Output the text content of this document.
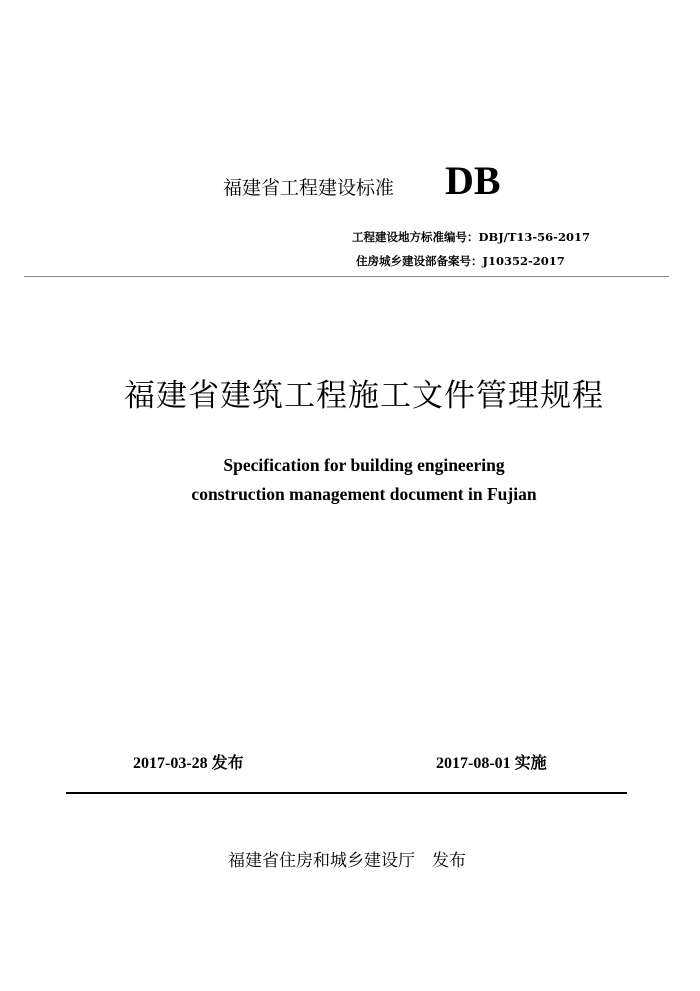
福建省工程建设标准 DB
工程建设地方标准编号：DBJ/T13-56-2017
住房城乡建设部备案号：J10352-2017
福建省建筑工程施工文件管理规程
Specification for building engineering
construction management document in Fujian
2017-03-28 发布	2017-08-01 实施
福建省住房和城乡建设厅　发布
